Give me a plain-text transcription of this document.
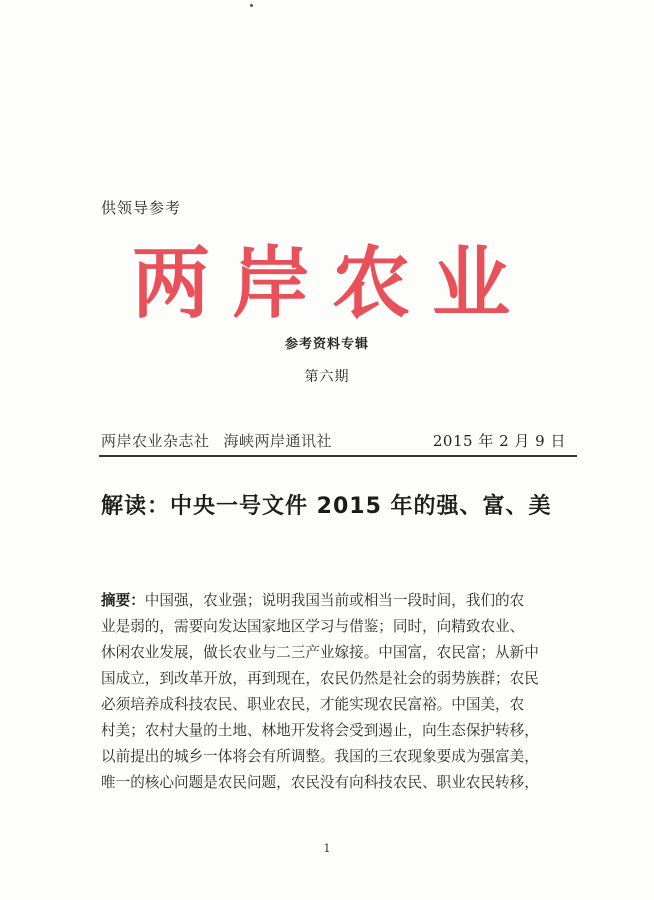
供领导参考
两岸农业
参考资料专辑
第六期
两岸农业杂志社 海峡两岸通讯社	2015 年 2 月 9 日
解读：中央一号文件 2015 年的强、富、美
摘要：中国强，农业强；说明我国当前或相当一段时间，我们的农
业是弱的，需要向发达国家地区学习与借鉴；同时，向精致农业、
休闲农业发展，做长农业与二三产业嫁接。中国富，农民富；从新中
国成立，到改革开放，再到现在，农民仍然是社会的弱势族群；农民
必须培养成科技农民、职业农民，才能实现农民富裕。中国美，农
村美；农村大量的土地、林地开发将会受到遏止，向生态保护转移，
以前提出的城乡一体将会有所调整。我国的三农现象要成为强富美，
唯一的核心问题是农民问题，农民没有向科技农民、职业农民转移，
1
